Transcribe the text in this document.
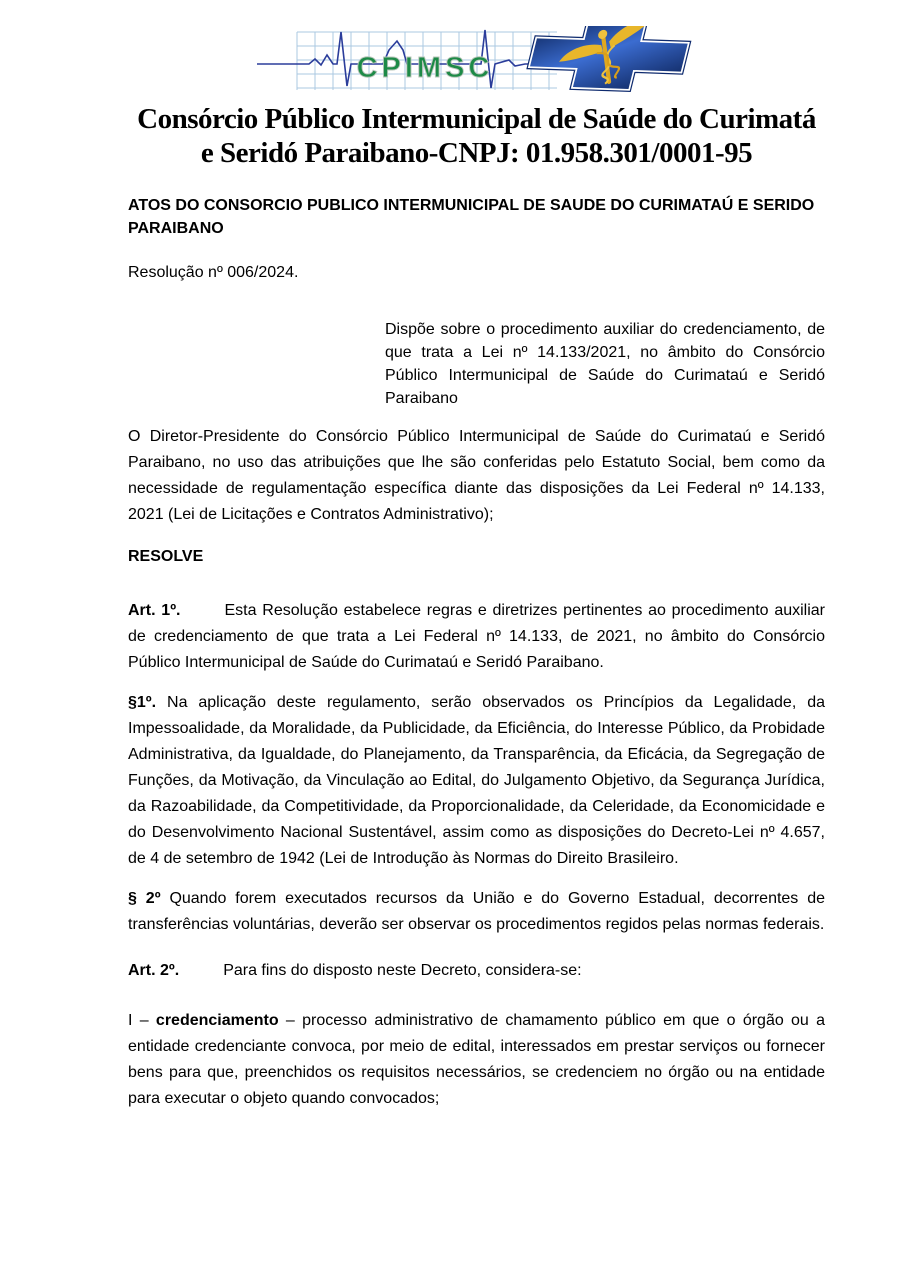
CPIMSC
Consórcio Público Intermunicipal de Saúde do Curimatá
e Seridó Paraibano-CNPJ: 01.958.301/0001-95

ATOS DO CONSORCIO PUBLICO INTERMUNICIPAL DE SAUDE DO CURIMATAÚ E SERIDO PARAIBANO

Resolução nº 006/2024.

Dispõe sobre o procedimento auxiliar do credenciamento, de que trata a Lei nº 14.133/2021, no âmbito do Consórcio Público Intermunicipal de Saúde do Curimataú e Seridó Paraibano

O Diretor-Presidente do Consórcio Público Intermunicipal de Saúde do Curimataú e Seridó Paraibano, no uso das atribuições que lhe são conferidas pelo Estatuto Social, bem como da necessidade de regulamentação específica diante das disposições da Lei Federal nº 14.133, 2021 (Lei de Licitações e Contratos Administrativo);

RESOLVE

Art. 1º.	Esta Resolução estabelece regras e diretrizes pertinentes ao procedimento auxiliar de credenciamento de que trata a Lei Federal nº 14.133, de 2021, no âmbito do Consórcio Público Intermunicipal de Saúde do Curimataú e Seridó Paraibano.

§1º. Na aplicação deste regulamento, serão observados os Princípios da Legalidade, da Impessoalidade, da Moralidade, da Publicidade, da Eficiência, do Interesse Público, da Probidade Administrativa, da Igualdade, do Planejamento, da Transparência, da Eficácia, da Segregação de Funções, da Motivação, da Vinculação ao Edital, do Julgamento Objetivo, da Segurança Jurídica, da Razoabilidade, da Competitividade, da Proporcionalidade, da Celeridade, da Economicidade e do Desenvolvimento Nacional Sustentável, assim como as disposições do Decreto-Lei nº 4.657, de 4 de setembro de 1942 (Lei de Introdução às Normas do Direito Brasileiro.

§ 2º Quando forem executados recursos da União e do Governo Estadual, decorrentes de transferências voluntárias, deverão ser observar os procedimentos regidos pelas normas federais.

Art. 2º.	Para fins do disposto neste Decreto, considera-se:

I – credenciamento – processo administrativo de chamamento público em que o órgão ou a entidade credenciante convoca, por meio de edital, interessados em prestar serviços ou fornecer bens para que, preenchidos os requisitos necessários, se credenciem no órgão ou na entidade para executar o objeto quando convocados;
